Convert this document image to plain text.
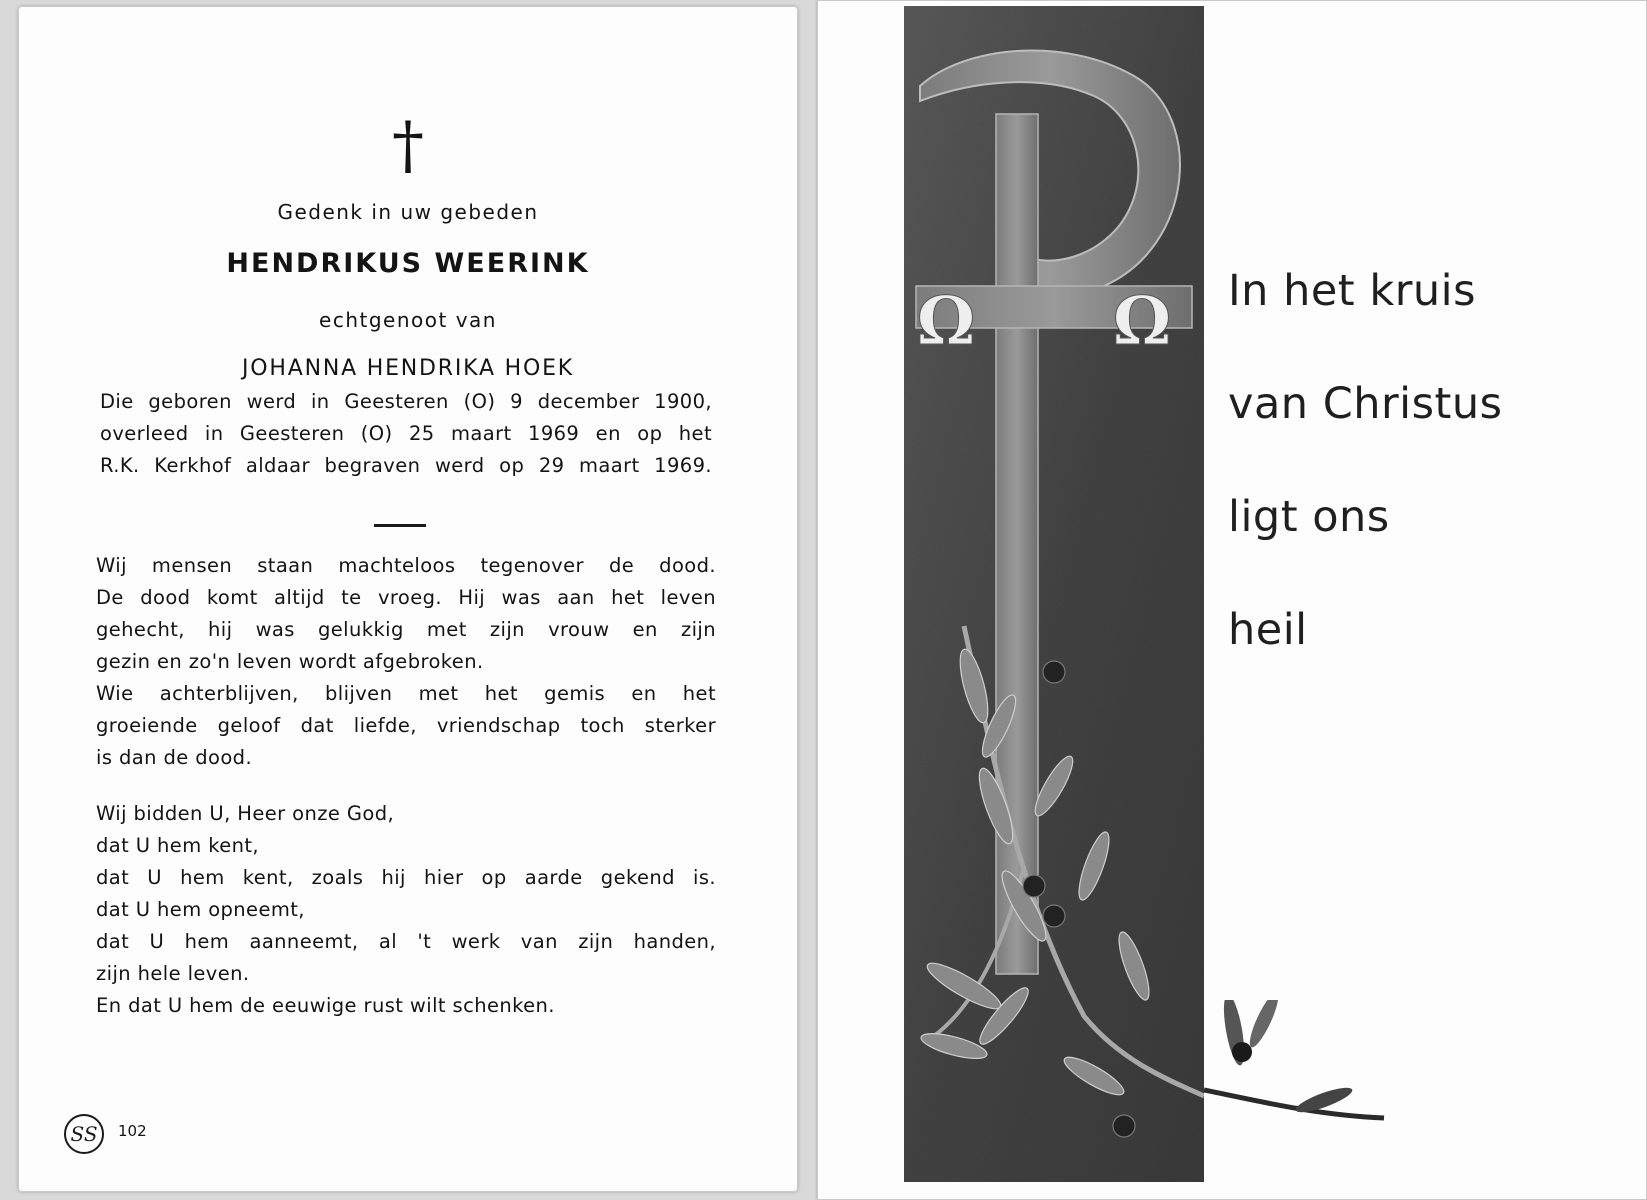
†
Gedenk in uw gebeden
HENDRIKUS WEERINK
echtgenoot van
JOHANNA HENDRIKA HOEK
Die geboren werd in Geesteren (O) 9 december 1900,
overleed in Geesteren (O) 25 maart 1969 en op het
R.K. Kerkhof aldaar begraven werd op 29 maart 1969.
Wij mensen staan machteloos tegenover de dood.
De dood komt altijd te vroeg. Hij was aan het leven
gehecht, hij was gelukkig met zijn vrouw en zijn
gezin en zo'n leven wordt afgebroken.
Wie achterblijven, blijven met het gemis en het
groeiende geloof dat liefde, vriendschap toch sterker
is dan de dood.
Wij bidden U, Heer onze God,
dat U hem kent,
dat U hem kent, zoals hij hier op aarde gekend is.
dat U hem opneemt,
dat U hem aanneemt, al 't werk van zijn handen,
zijn hele leven.
En dat U hem de eeuwige rust wilt schenken.
SS 102
Ω Ω In het kruis
van Christus
ligt ons
heil
